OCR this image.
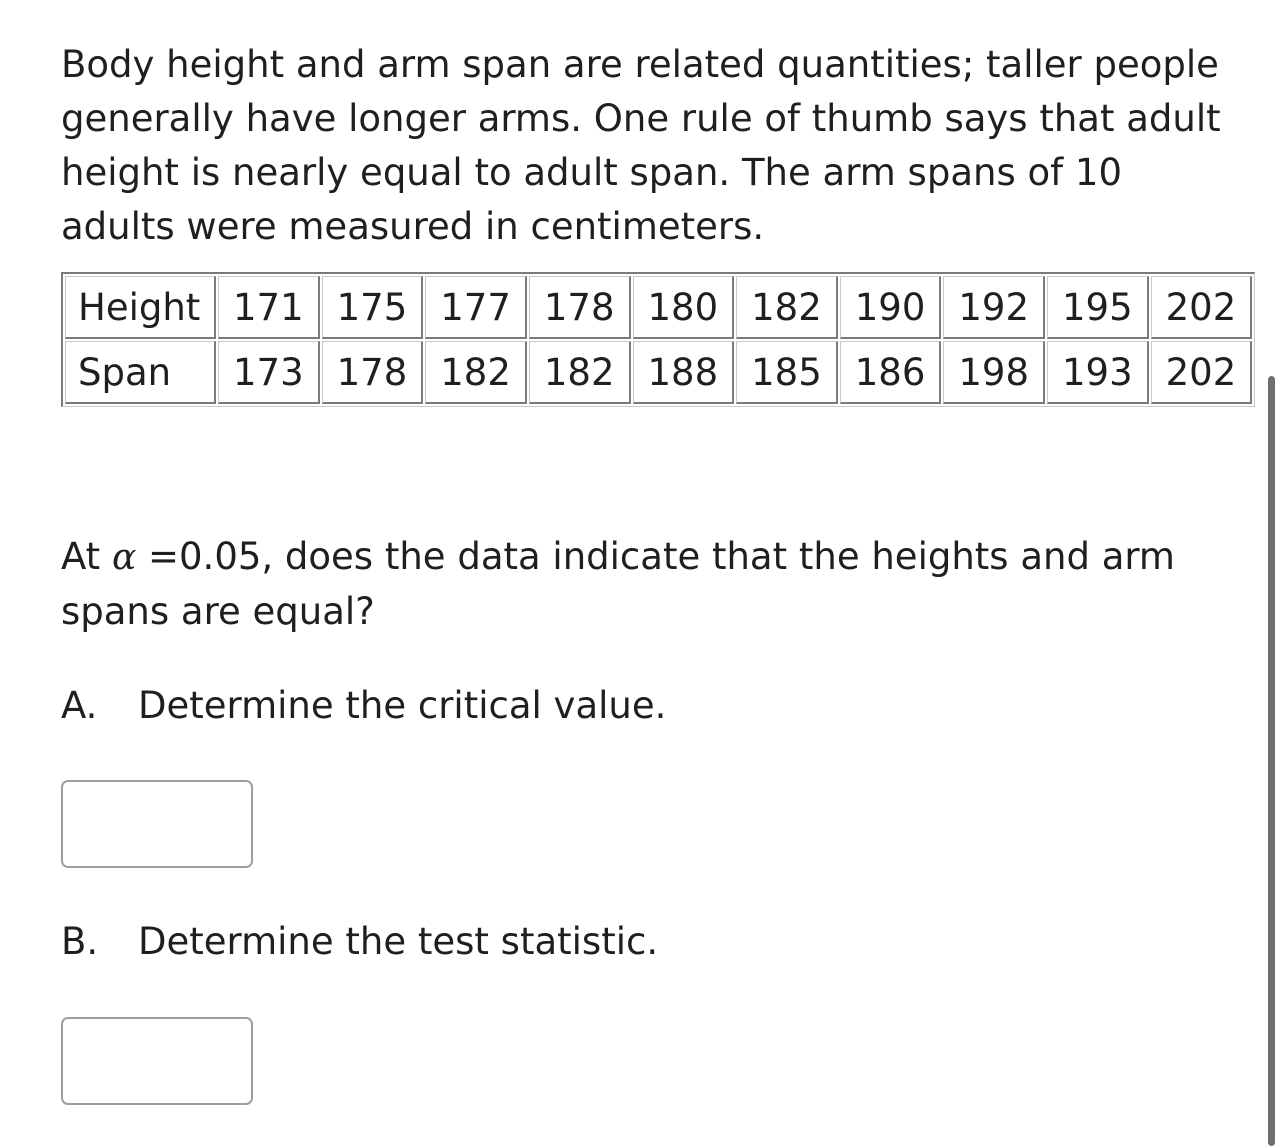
Body height and arm span are related quantities; taller people generally have longer arms. One rule of thumb says that adult height is nearly equal to adult span. The arm spans of 10 adults were measured in centimeters.
Height	171	175	177	178	180	182	190	192	195	202
Span	173	178	182	182	188	185	186	198	193	202
At α =0.05, does the data indicate that the heights and arm spans are equal?
A. Determine the critical value.
B. Determine the test statistic.
